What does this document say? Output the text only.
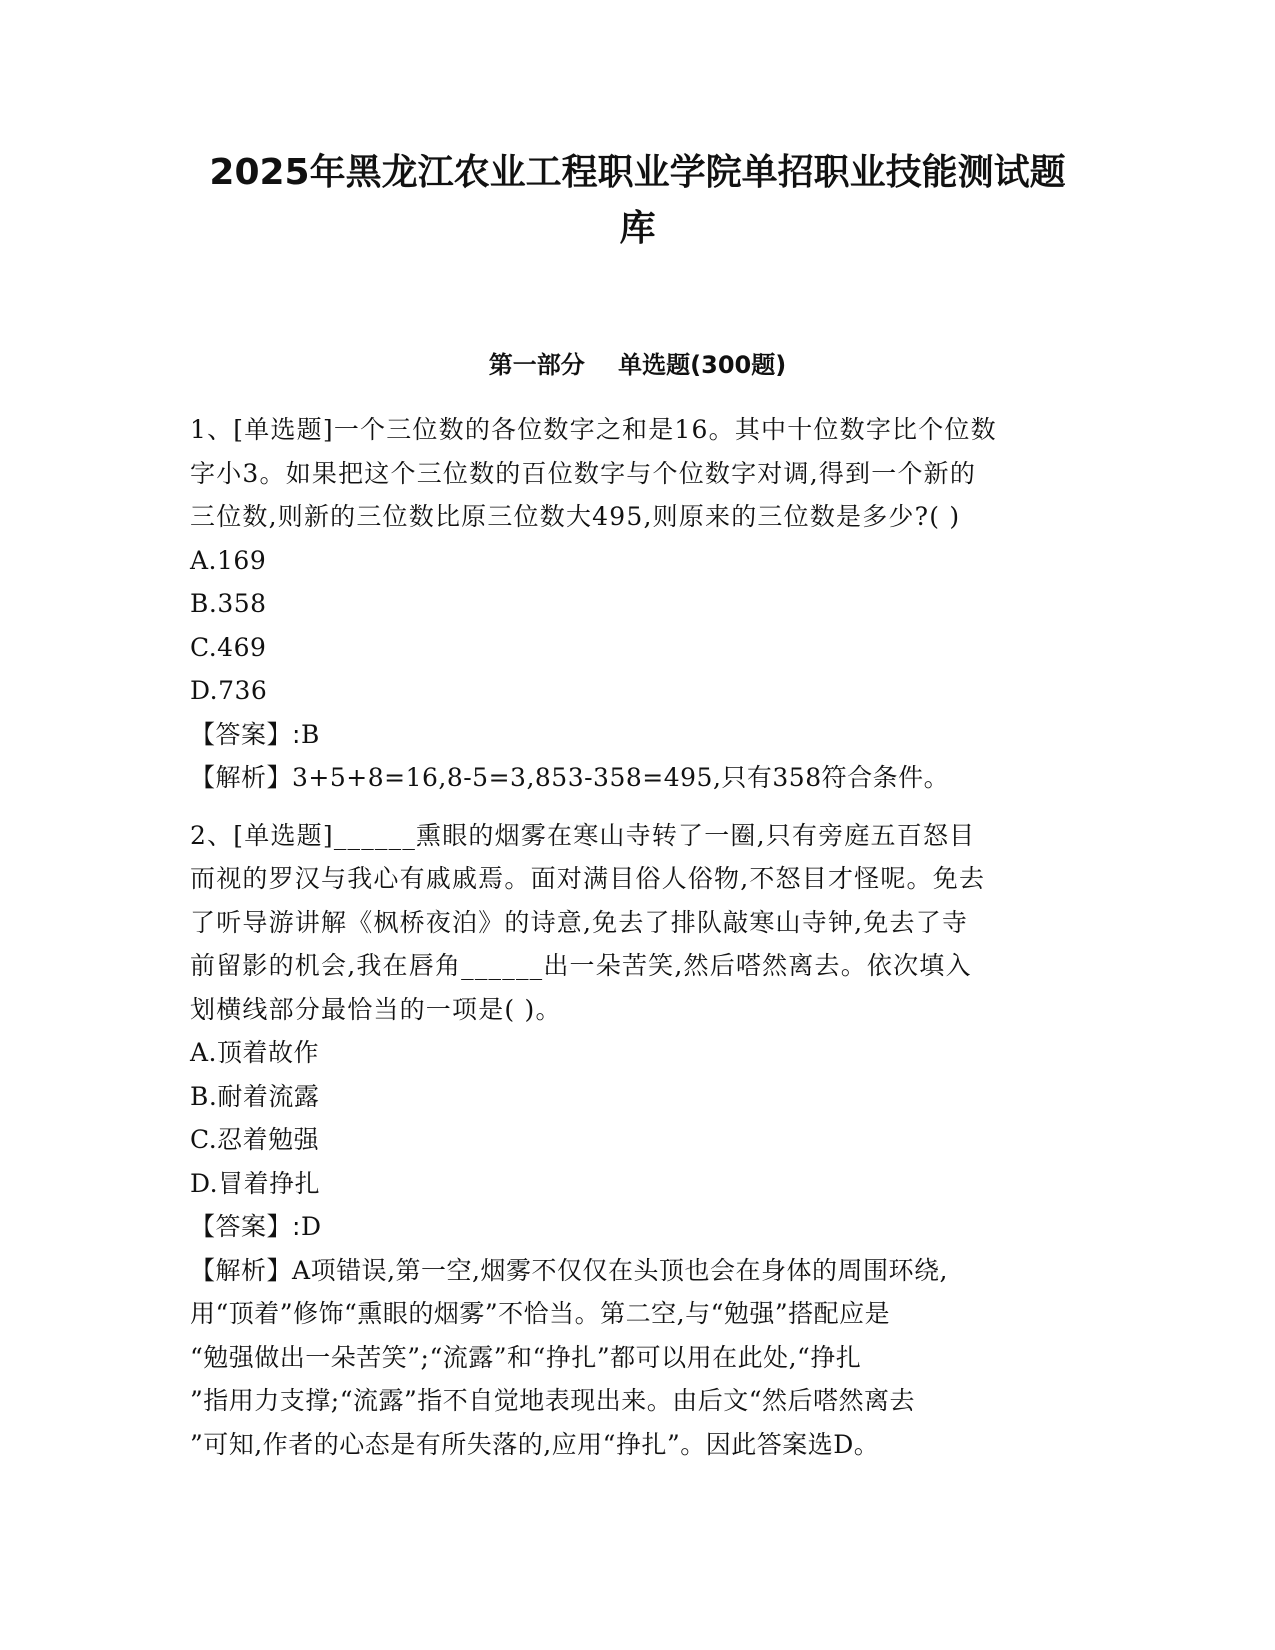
2025年黑龙江农业工程职业学院单招职业技能测试题
库
第一部分    单选题(300题)
1、[单选题]一个三位数的各位数字之和是16。其中十位数字比个位数
字小3。如果把这个三位数的百位数字与个位数字对调,得到一个新的
三位数,则新的三位数比原三位数大495,则原来的三位数是多少?( )
A.169
B.358
C.469
D.736
【答案】:B
【解析】3+5+8=16,8-5=3,853-358=495,只有358符合条件。
2、[单选题]______熏眼的烟雾在寒山寺转了一圈,只有旁庭五百怒目
而视的罗汉与我心有戚戚焉。面对满目俗人俗物,不怒目才怪呢。免去
了听导游讲解《枫桥夜泊》的诗意,免去了排队敲寒山寺钟,免去了寺
前留影的机会,我在唇角______出一朵苦笑,然后嗒然离去。依次填入
划横线部分最恰当的一项是( )。
A.顶着故作
B.耐着流露
C.忍着勉强
D.冒着挣扎
【答案】:D
【解析】A项错误,第一空,烟雾不仅仅在头顶也会在身体的周围环绕,
用“顶着”修饰“熏眼的烟雾”不恰当。第二空,与“勉强”搭配应是
“勉强做出一朵苦笑”;“流露”和“挣扎”都可以用在此处,“挣扎
”指用力支撑;“流露”指不自觉地表现出来。由后文“然后嗒然离去
”可知,作者的心态是有所失落的,应用“挣扎”。因此答案选D。
